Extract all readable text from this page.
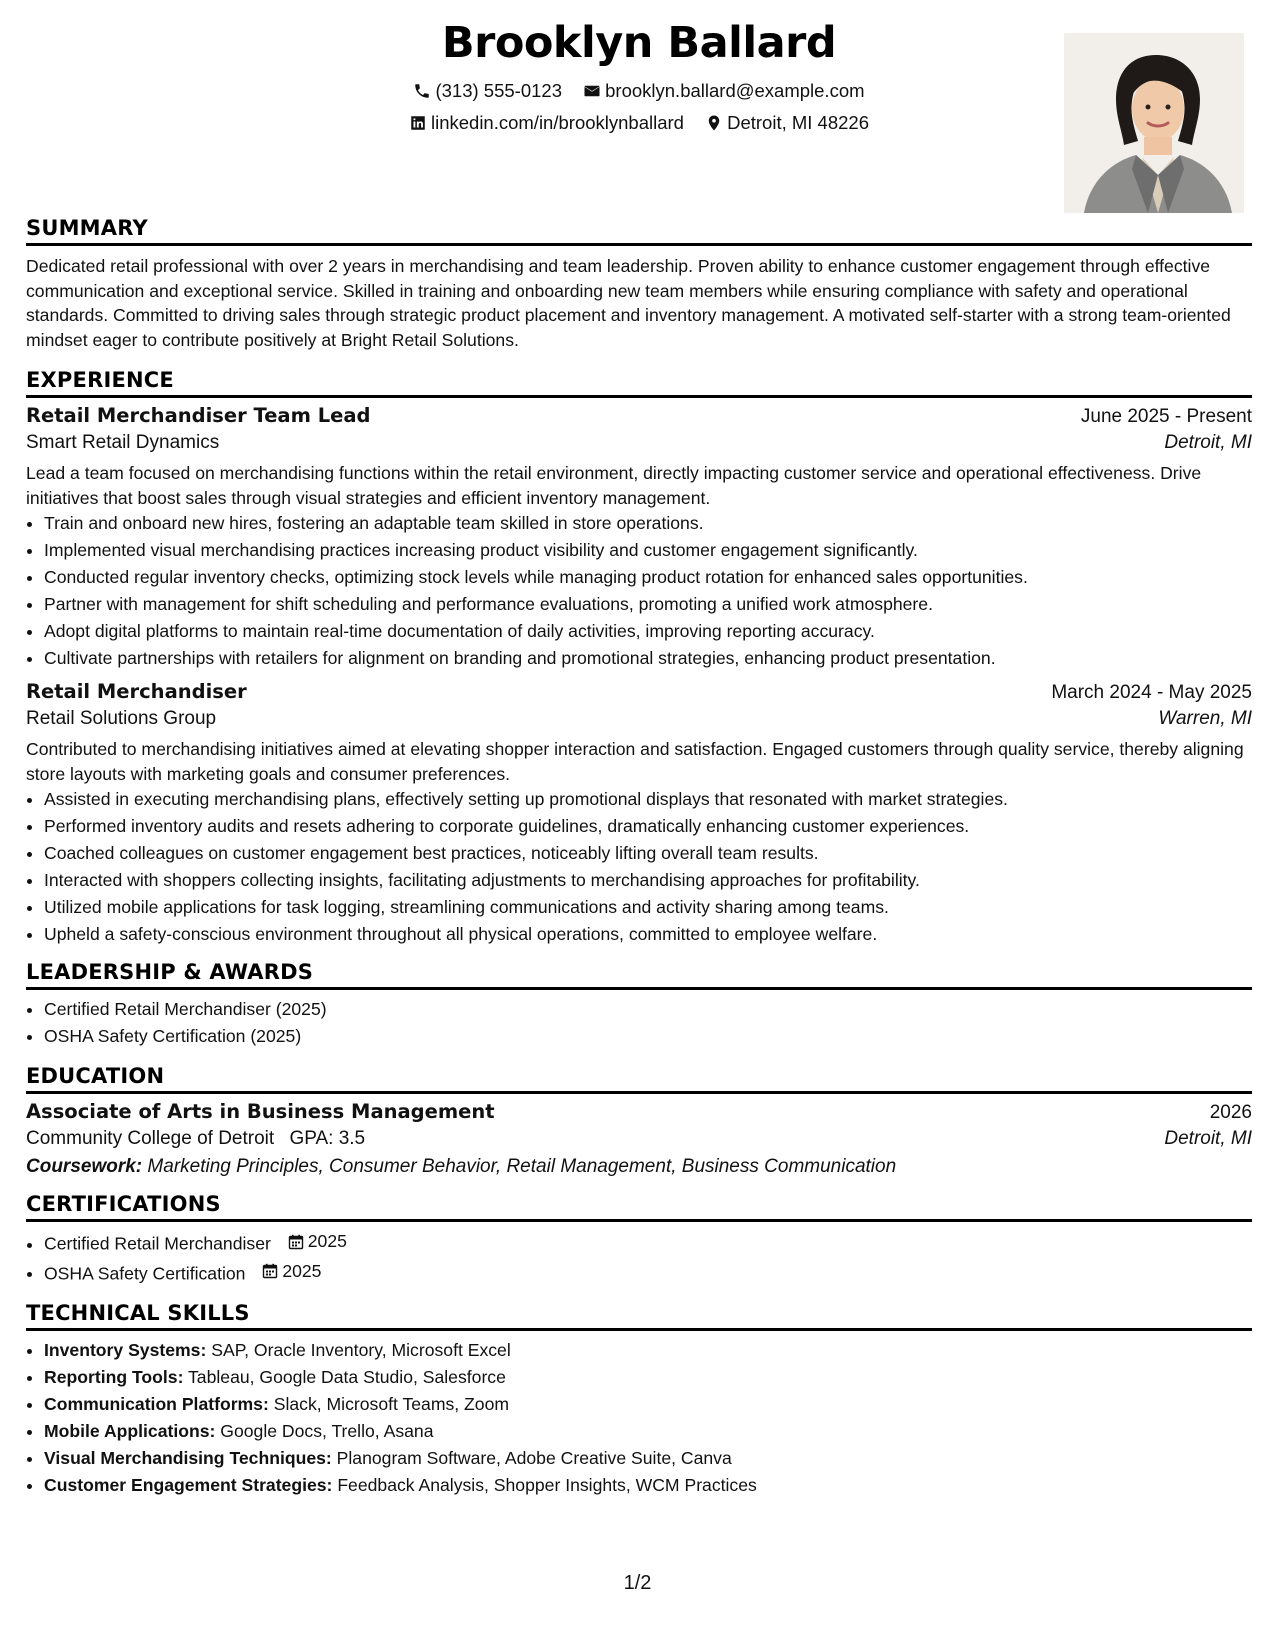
Brooklyn Ballard
(313) 555-0123
brooklyn.ballard@example.com
linkedin.com/in/brooklynballard
Detroit, MI 48226
SUMMARY

Dedicated retail professional with over 2 years in merchandising and team leadership. Proven ability to enhance customer engagement through effective communication and exceptional service. Skilled in training and onboarding new team members while ensuring compliance with safety and operational standards. Committed to driving sales through strategic product placement and inventory management. A motivated self-starter with a strong team-oriented mindset eager to contribute positively at Bright Retail Solutions.

EXPERIENCE
Retail Merchandiser Team Lead	June 2025 - Present
Smart Retail Dynamics	Detroit, MI
Lead a team focused on merchandising functions within the retail environment, directly impacting customer service and operational effectiveness. Drive initiatives that boost sales through visual strategies and efficient inventory management.
• Train and onboard new hires, fostering an adaptable team skilled in store operations.
• Implemented visual merchandising practices increasing product visibility and customer engagement significantly.
• Conducted regular inventory checks, optimizing stock levels while managing product rotation for enhanced sales opportunities.
• Partner with management for shift scheduling and performance evaluations, promoting a unified work atmosphere.
• Adopt digital platforms to maintain real-time documentation of daily activities, improving reporting accuracy.
• Cultivate partnerships with retailers for alignment on branding and promotional strategies, enhancing product presentation.
Retail Merchandiser	March 2024 - May 2025
Retail Solutions Group	Warren, MI
Contributed to merchandising initiatives aimed at elevating shopper interaction and satisfaction. Engaged customers through quality service, thereby aligning store layouts with marketing goals and consumer preferences.
• Assisted in executing merchandising plans, effectively setting up promotional displays that resonated with market strategies.
• Performed inventory audits and resets adhering to corporate guidelines, dramatically enhancing customer experiences.
• Coached colleagues on customer engagement best practices, noticeably lifting overall team results.
• Interacted with shoppers collecting insights, facilitating adjustments to merchandising approaches for profitability.
• Utilized mobile applications for task logging, streamlining communications and activity sharing among teams.
• Upheld a safety-conscious environment throughout all physical operations, committed to employee welfare.
LEADERSHIP & AWARDS
• Certified Retail Merchandiser (2025)
• OSHA Safety Certification (2025)
EDUCATION
Associate of Arts in Business Management	2026
Community College of Detroit GPA: 3.5	Detroit, MI
Coursework: Marketing Principles, Consumer Behavior, Retail Management, Business Communication
CERTIFICATIONS
• Certified Retail Merchandiser 2025
• OSHA Safety Certification 2025
TECHNICAL SKILLS
• Inventory Systems: SAP, Oracle Inventory, Microsoft Excel
• Reporting Tools: Tableau, Google Data Studio, Salesforce
• Communication Platforms: Slack, Microsoft Teams, Zoom
• Mobile Applications: Google Docs, Trello, Asana
• Visual Merchandising Techniques: Planogram Software, Adobe Creative Suite, Canva
• Customer Engagement Strategies: Feedback Analysis, Shopper Insights, WCM Practices
1/2
